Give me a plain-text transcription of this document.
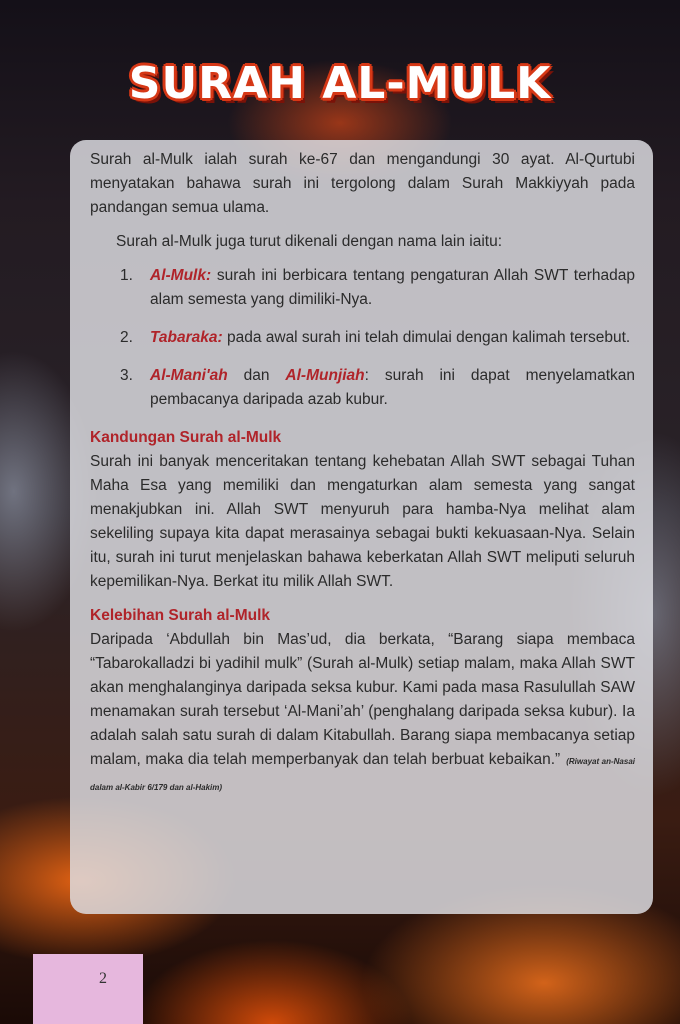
SURAH AL-MULK

Surah al-Mulk ialah surah ke-67 dan mengandungi 30 ayat. Al-Qurtubi menyatakan bahawa surah ini tergolong dalam Surah Makkiyyah pada pandangan semua ulama.

Surah al-Mulk juga turut dikenali dengan nama lain iaitu:

1.	Al-Mulk: surah ini berbicara tentang pengaturan Allah SWT terhadap alam semesta yang dimiliki-Nya.
2.	Tabaraka: pada awal surah ini telah dimulai dengan kalimah tersebut.
3.	Al-Mani'ah dan Al-Munjiah: surah ini dapat menyelamatkan pembacanya daripada azab kubur.
Kandungan Surah al-Mulk

Surah ini banyak menceritakan tentang kehebatan Allah SWT sebagai Tuhan Maha Esa yang memiliki dan mengaturkan alam semesta yang sangat menakjubkan ini. Allah SWT menyuruh para hamba-Nya melihat alam sekeliling supaya kita dapat merasainya sebagai bukti kekuasaan-Nya. Selain itu, surah ini turut menjelaskan bahawa keberkatan Allah SWT meliputi seluruh kepemilikan-Nya. Berkat itu milik Allah SWT.

Kelebihan Surah al-Mulk

Daripada ‘Abdullah bin Mas’ud, dia berkata, “Barang siapa membaca “Tabarokalladzi bi yadihil mulk” (Surah al-Mulk) setiap malam, maka Allah SWT akan menghalanginya daripada seksa kubur. Kami pada masa Rasulullah SAW menamakan surah tersebut ‘Al-Mani’ah’ (penghalang daripada seksa kubur). Ia adalah salah satu surah di dalam Kitabullah. Barang siapa membacanya setiap malam, maka dia telah memperbanyak dan telah berbuat kebaikan.” (Riwayat an-Nasai dalam al-Kabir 6/179 dan al-Hakim)

2
